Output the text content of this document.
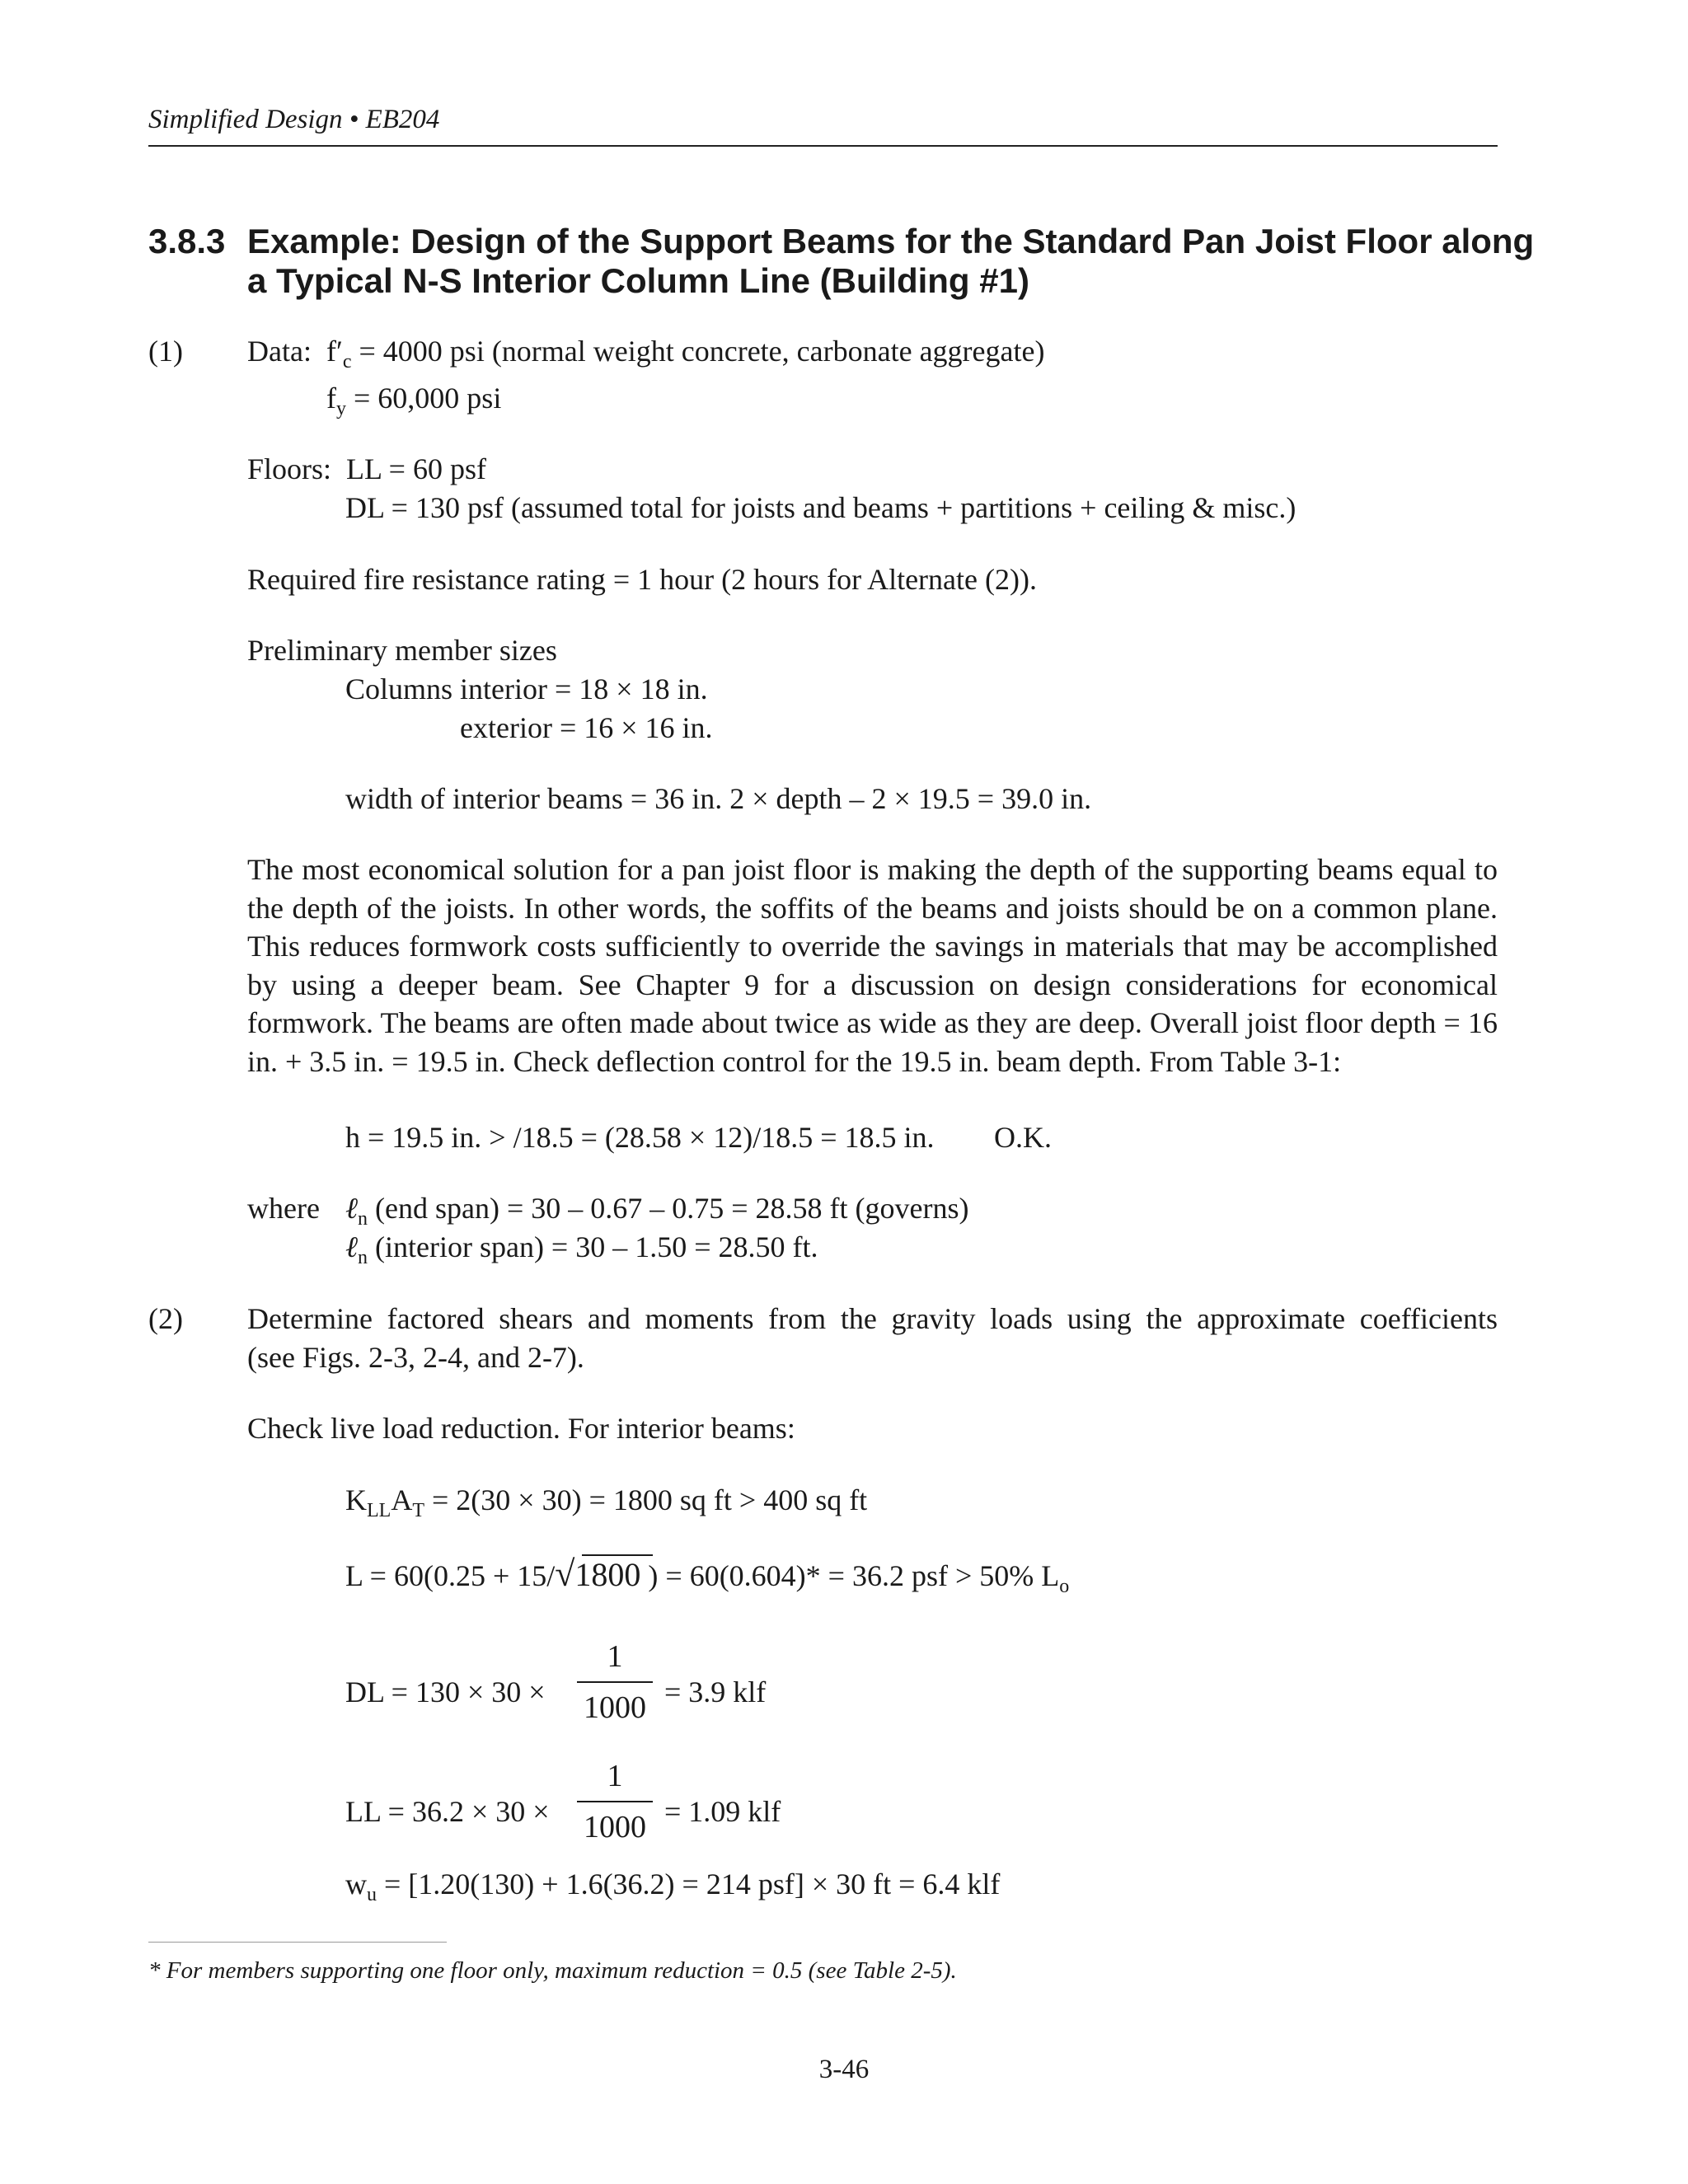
Simplified Design • EB204
3.8.3 Example: Design of the Support Beams for the Standard Pan Joist Floor along
a Typical N-S Interior Column Line (Building #1)
(1) Data: $f'_c = 4000$ psi (normal weight concrete, carbonate aggregate)
$f_y = 60,000$ psi
Floors: LL = 60 psf
DL = 130 psf (assumed total for joists and beams + partitions + ceiling & misc.)
Required fire resistance rating = 1 hour (2 hours for Alternate (2)).
Preliminary member sizes
Columns interior = 18 × 18 in.
exterior = 16 × 16 in.
width of interior beams = 36 in. 2 × depth – 2 × 19.5 = 39.0 in.
The most economical solution for a pan joist floor is making the depth of the supporting beams equal to the depth of the joists. In other words, the soffits of the beams and joists should be on a common plane. This reduces formwork costs sufficiently to override the savings in materials that may be accomplished by using a deeper beam. See Chapter 9 for a discussion on design considerations for economical formwork. The beams are often made about twice as wide as they are deep. Overall joist floor depth = 16 in. + 3.5 in. = 19.5 in. Check deflection control for the 19.5 in. beam depth. From Table 3-1:
h = 19.5 in. > /18.5 = (28.58 × 12)/18.5 = 18.5 in. O.K.
where ℓ$_n$ (end span) = 30 – 0.67 – 0.75 = 28.58 ft (governs)
ℓ$_n$ (interior span) = 30 – 1.50 = 28.50 ft.
(2) Determine factored shears and moments from the gravity loads using the approximate coefficients
(see Figs. 2-3, 2-4, and 2-7).
Check live load reduction. For interior beams:
$K_{LL}A_T = 2(30 \times 30) = 1800$ sq ft > 400 sq ft
L = 60(0.25 + 15/√1800 ) = 60(0.604)* = 36.2 psf > 50% $L_o$
DL = 130 × 30 ×
1
1000 = 3.9 klf
LL = 36.2 × 30 ×
1
1000 = 1.09 klf
$w_u = [1.20(130) + 1.6(36.2) = 214$ psf] × 30 ft = 6.4 klf
* For members supporting one floor only, maximum reduction = 0.5 (see Table 2-5).
3-46
